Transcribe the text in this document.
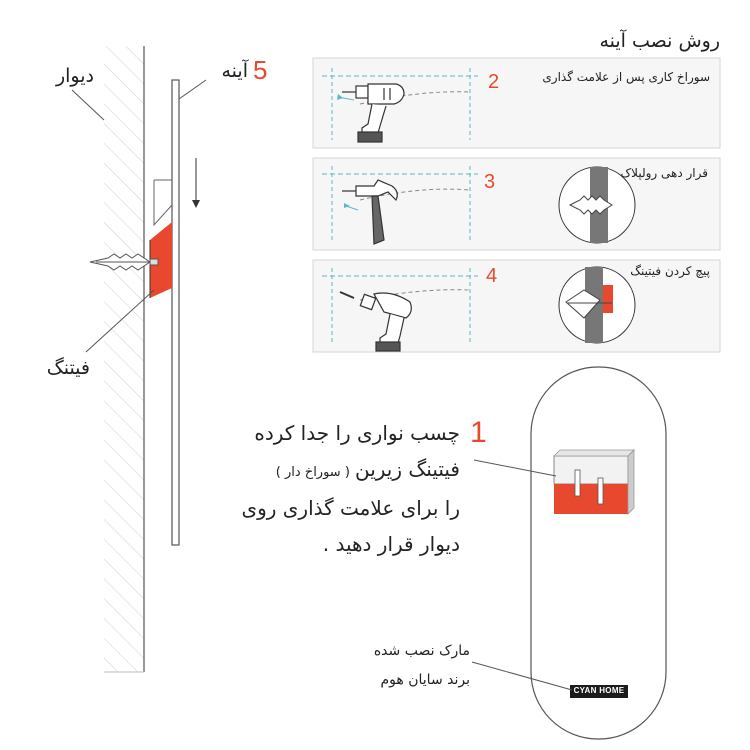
روش نصب آینه
دیوار	5
آینه
فیتنگ
2	سوراخ کاری پس از علامت گذاری
3	قرار دهی رولپلاک
4	پیچ کردن فیتینگ
1
چسب نواری را جدا کرده
فیتینگ زیرین ( سوراخ دار )
را برای علامت گذاری روی
دیوار قرار دهید .
مارک نصب شده
برند سایان هوم
CYAN HOME
